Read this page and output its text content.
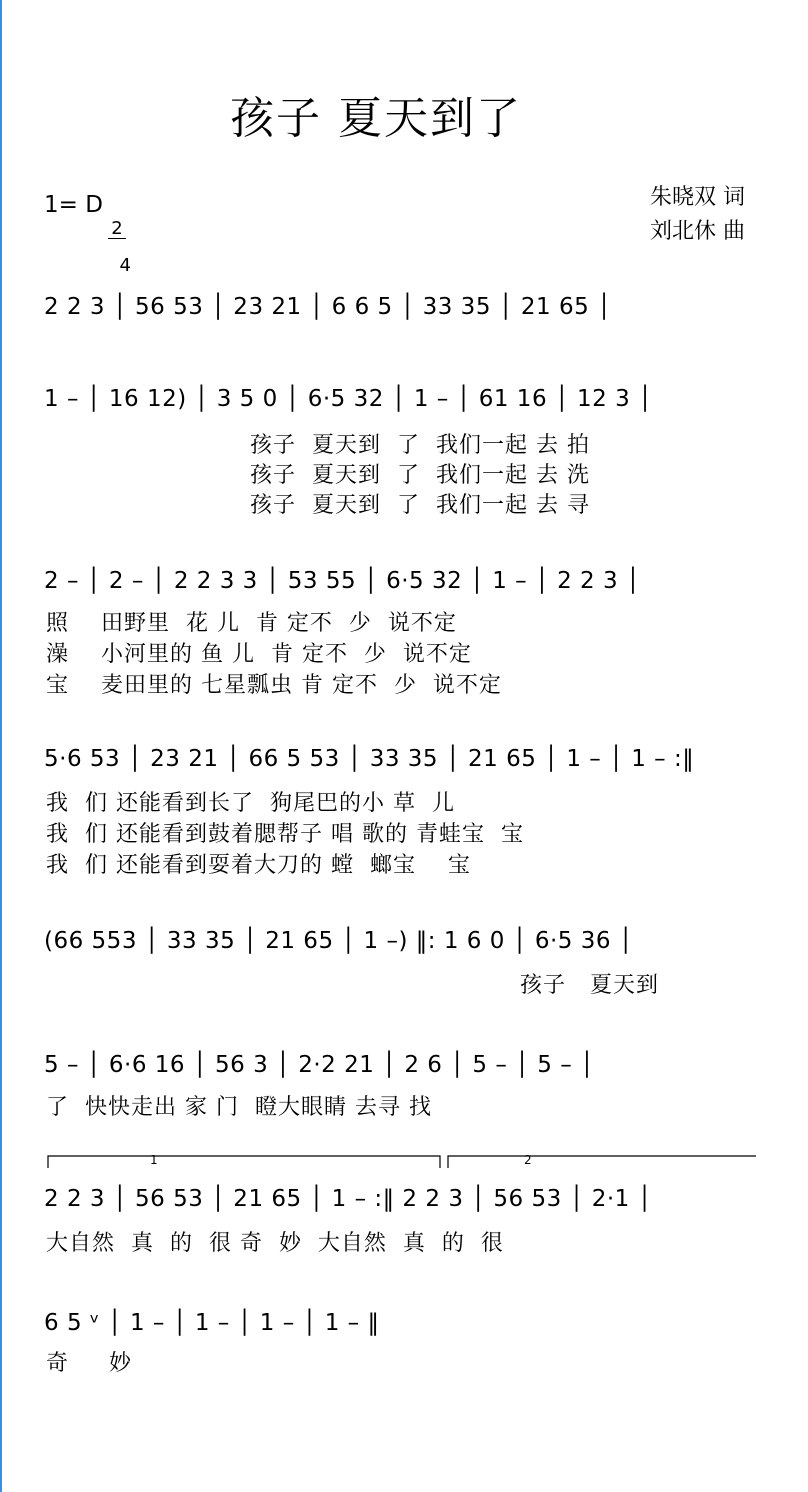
孩子 夏天到了
1= D

$\frac{2}{4}$	朱晓双 词
刘北休 曲
2 2 3 │ 56 53 │ 23 21 │ 6 6 5 │ 33 35 │ 21 65 │
1 – │ 16 12) │ 3 5 0 │ 6·5 32 │ 1 – │ 61 16 │ 12 3 │
孩子  夏天到  了  我们一起 去 拍
孩子  夏天到  了  我们一起 去 洗
孩子  夏天到  了  我们一起 去 寻
2 – │ 2 – │ 2 2 3 3 │ 53 55 │ 6·5 32 │ 1 – │ 2 2 3 │
照    田野里  花 儿  肯 定不  少  说不定
澡    小河里的 鱼 儿  肯 定不  少  说不定
宝    麦田里的 七星瓢虫 肯 定不  少  说不定
5·6 53 │ 23 21 │ 66 5 53 │ 33 35 │ 21 65 │ 1 – │ 1 – :‖
我  们 还能看到长了  狗尾巴的小 草  儿
我  们 还能看到鼓着腮帮子 唱 歌的 青蛙宝  宝
我  们 还能看到耍着大刀的 螳  螂宝    宝
(66 553 │ 33 35 │ 21 65 │ 1 –) ‖: 1 6 0 │ 6·5 36 │
孩子   夏天到
5 – │ 6·6 16 │ 56 3 │ 2·2 21 │ 2 6 │ 5 – │ 5 – │
了  快快走出 家 门  瞪大眼睛 去寻 找
1	2
2 2 3 │ 56 53 │ 21 65 │ 1 – :‖ 2 2 3 │ 56 53 │ 2·1 │
大自然  真  的  很 奇  妙  大自然  真  的  很
6 5 ᵛ │ 1 – │ 1 – │ 1 – │ 1 – ‖
奇     妙
